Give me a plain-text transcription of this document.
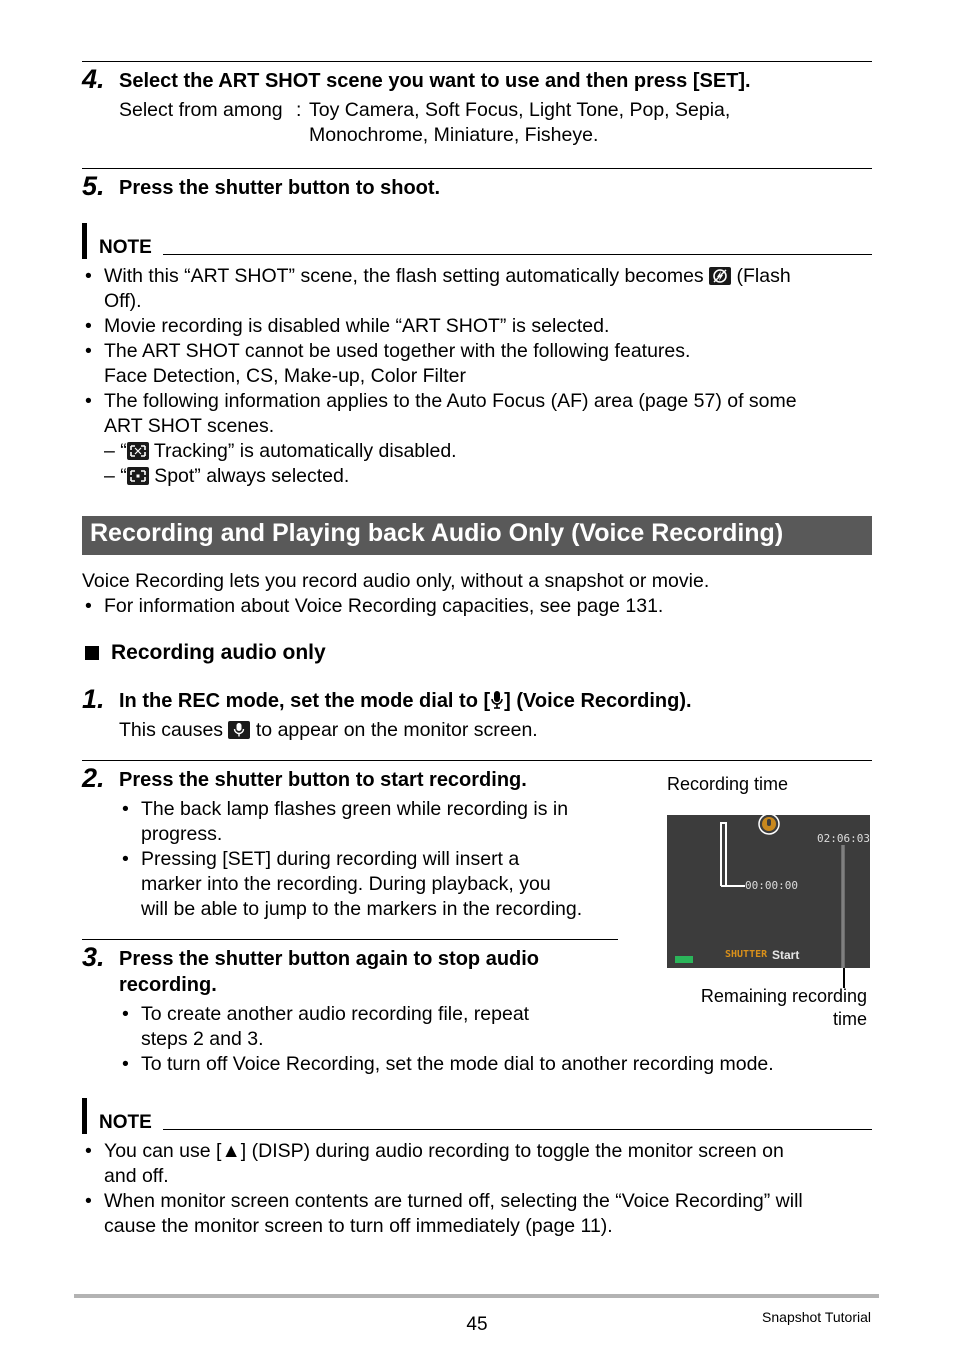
4. Select the ART SHOT scene you want to use and then press [SET].
Select from among : Toy Camera, Soft Focus, Light Tone, Pop, Sepia,
Monochrome, Miniature, Fisheye.
5. Press the shutter button to shoot.
NOTE
• With this “ART SHOT” scene, the flash setting automatically becomes (Flash
Off).
• Movie recording is disabled while “ART SHOT” is selected.
• The ART SHOT cannot be used together with the following features.
Face Detection, CS, Make-up, Color Filter
• The following information applies to the Auto Focus (AF) area (page 57) of some
ART SHOT scenes.
– “ Tracking” is automatically disabled.
– “ Spot” always selected.
Recording and Playing back Audio Only (Voice Recording)
Voice Recording lets you record audio only, without a snapshot or movie.
• For information about Voice Recording capacities, see page 131.
Recording audio only
1. In the REC mode, set the mode dial to [ ] (Voice Recording).
This causes to appear on the monitor screen.
2. Press the shutter button to start recording.
• The back lamp flashes green while recording is in
progress.
• Pressing [SET] during recording will insert a
marker into the recording. During playback, you
will be able to jump to the markers in the recording.
3. Press the shutter button again to stop audio
recording.
• To create another audio recording file, repeat
steps 2 and 3.
• To turn off Voice Recording, set the mode dial to another recording mode.
Recording time
02:06:03
00:00:00
SHUTTER Start
Remaining recording
time
NOTE
• You can use [▲] (DISP) during audio recording to toggle the monitor screen on
and off.
• When monitor screen contents are turned off, selecting the “Voice Recording” will
cause the monitor screen to turn off immediately (page 11).
45	Snapshot Tutorial
